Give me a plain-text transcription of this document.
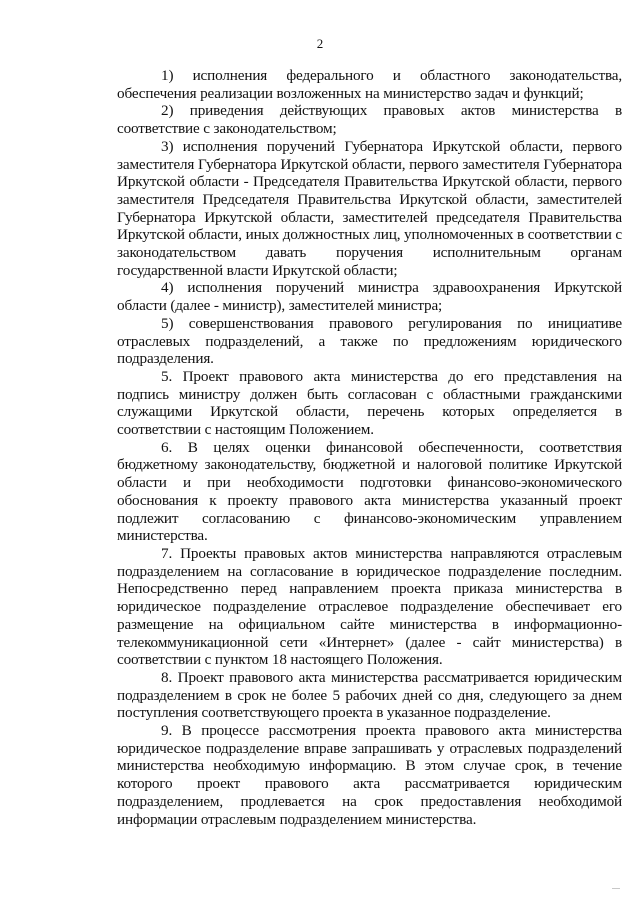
2

1) исполнения федерального и областного законодательства, обеспечения реализации возложенных на министерство задач и функций;

2) приведения действующих правовых актов министерства в соответствие с законодательством;

3) исполнения поручений Губернатора Иркутской области, первого заместителя Губернатора Иркутской области, первого заместителя Губернатора Иркутской области - Председателя Правительства Иркутской области, первого заместителя Председателя Правительства Иркутской области, заместителей Губернатора Иркутской области, заместителей председателя Правительства Иркутской области, иных должностных лиц, уполномоченных в соответствии с законодательством давать поручения исполнительным органам государственной власти Иркутской области;

4) исполнения поручений министра здравоохранения Иркутской области (далее - министр), заместителей министра;

5) совершенствования правового регулирования по инициативе отраслевых подразделений, а также по предложениям юридического подразделения.

5. Проект правового акта министерства до его представления на подпись министру должен быть согласован с областными гражданскими служащими Иркутской области, перечень которых определяется в соответствии с настоящим Положением.

6. В целях оценки финансовой обеспеченности, соответствия бюджетному законодательству, бюджетной и налоговой политике Иркутской области и при необходимости подготовки финансово-экономического обоснования к проекту правового акта министерства указанный проект подлежит согласованию с финансово-экономическим управлением министерства.

7. Проекты правовых актов министерства направляются отраслевым подразделением на согласование в юридическое подразделение последним. Непосредственно перед направлением проекта приказа министерства в юридическое подразделение отраслевое подразделение обеспечивает его размещение на официальном сайте министерства в информационно-телекоммуникационной сети «Интернет» (далее - сайт министерства) в соответствии с пунктом 18 настоящего Положения.

8. Проект правового акта министерства рассматривается юридическим подразделением в срок не более 5 рабочих дней со дня, следующего за днем поступления соответствующего проекта в указанное подразделение.

9. В процессе рассмотрения проекта правового акта министерства юридическое подразделение вправе запрашивать у отраслевых подразделений министерства необходимую информацию. В этом случае срок, в течение которого проект правового акта рассматривается юридическим подразделением, продлевается на срок предоставления необходимой информации отраслевым подразделением министерства.
